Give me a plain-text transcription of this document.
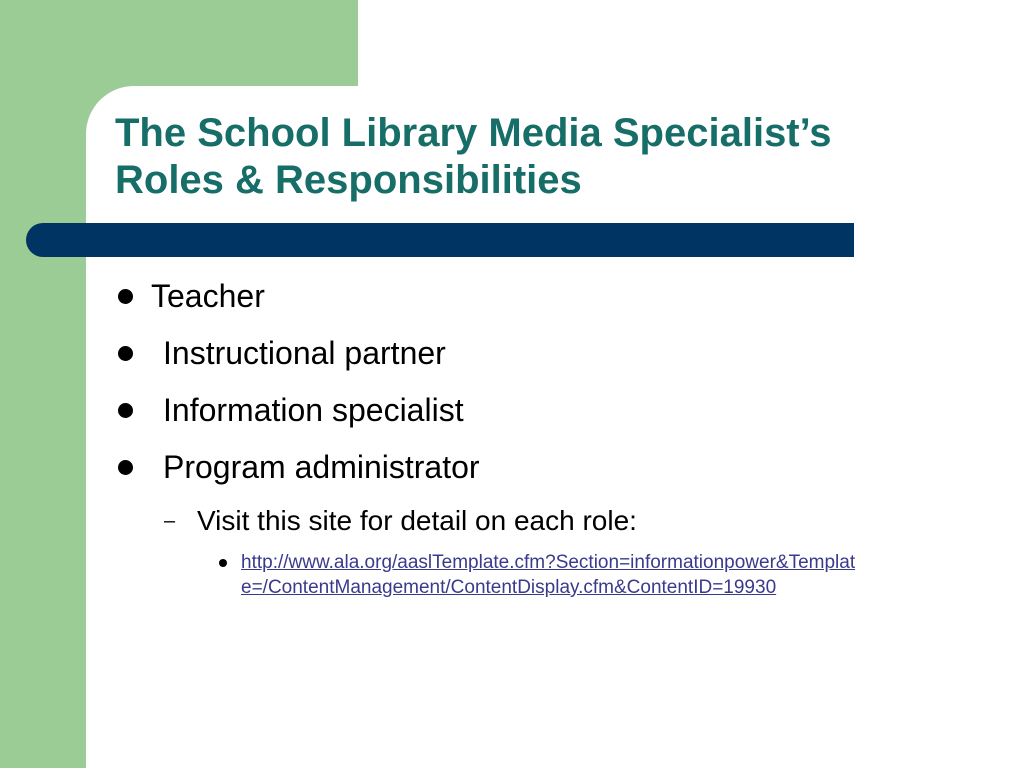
The School Library Media Specialist’s
Roles & Responsibilities
Teacher
Instructional partner
Information specialist
Program administrator
– Visit this site for detail on each role:
http://www.ala.org/aaslTemplate.cfm?Section=informationpower&Templat
e=/ContentManagement/ContentDisplay.cfm&ContentID=19930
